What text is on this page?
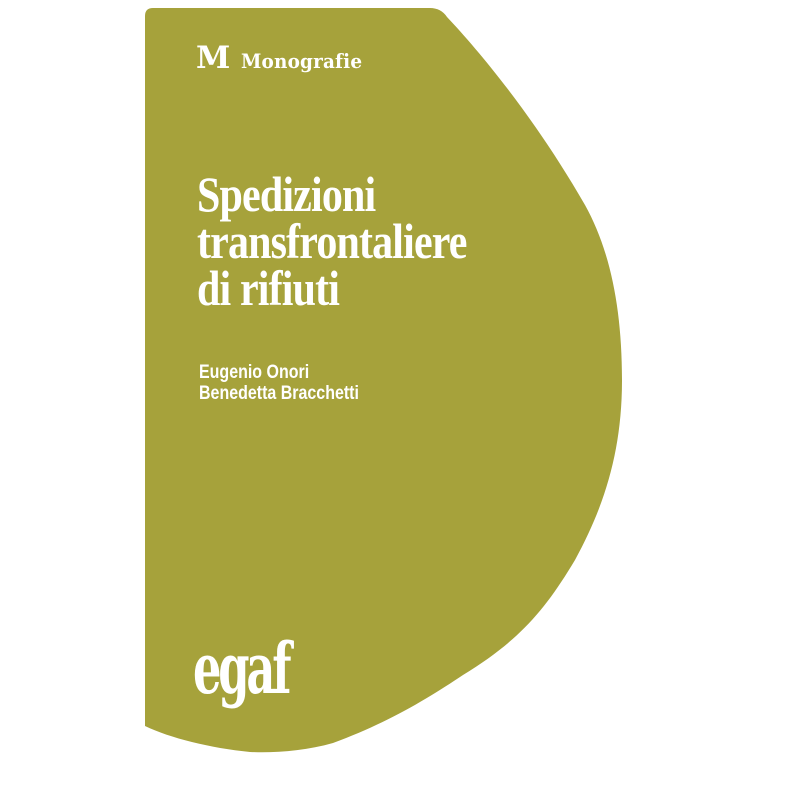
M Monografie
Spedizioni
transfrontaliere
di rifiuti
Eugenio Onori
Benedetta Bracchetti
egaf
